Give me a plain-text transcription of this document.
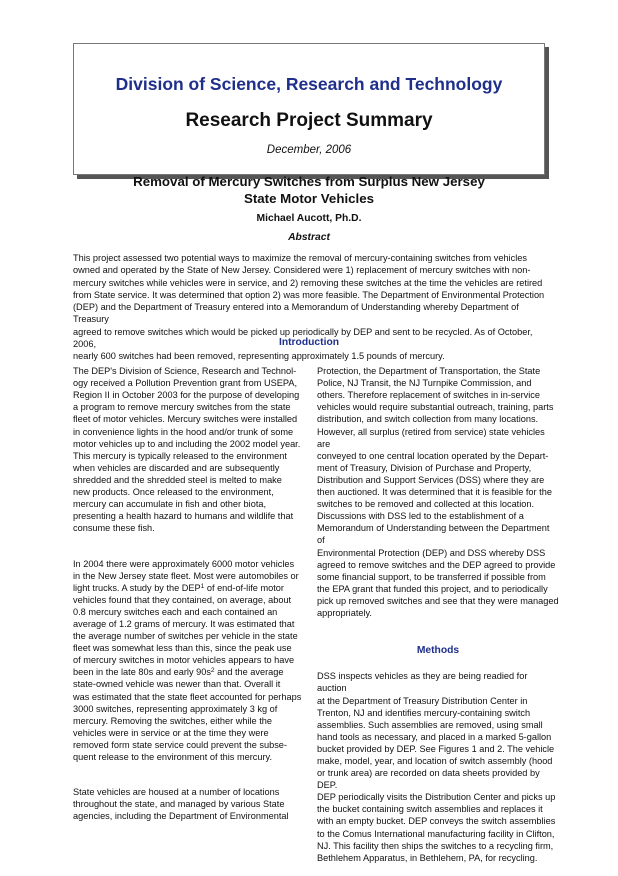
Division of Science, Research and Technology
Research Project Summary
December, 2006
Removal of Mercury Switches from Surplus New Jersey
State Motor Vehicles
Michael Aucott, Ph.D.
Abstract
This project assessed two potential ways to maximize the removal of mercury-containing switches from vehicles
owned and operated by the State of New Jersey. Considered were 1) replacement of mercury switches with non-
mercury switches while vehicles were in service, and 2) removing these switches at the time the vehicles are retired
from State service. It was determined that option 2) was more feasible. The Department of Environmental Protection
(DEP) and the Department of Treasury entered into a Memorandum of Understanding whereby Department of Treasury
agreed to remove switches which would be picked up periodically by DEP and sent to be recycled. As of October, 2006,
nearly 600 switches had been removed, representing approximately 1.5 pounds of mercury.
Introduction

The DEP's Division of Science, Research and Technol-
ogy received a Pollution Prevention grant from USEPA,
Region II in October 2003 for the purpose of developing
a program to remove mercury switches from the state
fleet of motor vehicles. Mercury switches were installed
in convenience lights in the hood and/or trunk of some
motor vehicles up to and including the 2002 model year.
This mercury is typically released to the environment
when vehicles are discarded and are subsequently
shredded and the shredded steel is melted to make
new products. Once released to the environment,
mercury can accumulate in fish and other biota,
presenting a health hazard to humans and wildlife that
consume these fish.

In 2004 there were approximately 6000 motor vehicles
in the New Jersey state fleet. Most were automobiles or
light trucks. A study by the DEP$^1$ of end-of-life motor
vehicles found that they contained, on average, about
0.8 mercury switches each and each contained an
average of 1.2 grams of mercury. It was estimated that
the average number of switches per vehicle in the state
fleet was somewhat less than this, since the peak use
of mercury switches in motor vehicles appears to have
been in the late 80s and early $90s^2$ and the average
state-owned vehicle was newer than that. Overall it
was estimated that the state fleet accounted for perhaps
3000 switches, representing approximately 3 kg of
mercury. Removing the switches, either while the
vehicles were in service or at the time they were
removed form state service could prevent the subse-
quent release to the environment of this mercury.

State vehicles are housed at a number of locations
throughout the state, and managed by various State
agencies, including the Department of Environmental

Protection, the Department of Transportation, the State
Police, NJ Transit, the NJ Turnpike Commission, and
others. Therefore replacement of switches in in-service
vehicles would require substantial outreach, training, parts
distribution, and switch collection from many locations.
However, all surplus (retired from service) state vehicles are
conveyed to one central location operated by the Depart-
ment of Treasury, Division of Purchase and Property,
Distribution and Support Services (DSS) where they are
then auctioned. It was determined that it is feasible for the
switches to be removed and collected at this location.
Discussions with DSS led to the establishment of a
Memorandum of Understanding between the Department of
Environmental Protection (DEP) and DSS whereby DSS
agreed to remove switches and the DEP agreed to provide
some financial support, to be transferred if possible from
the EPA grant that funded this project, and to periodically
pick up removed switches and see that they were managed
appropriately.

Methods

DSS inspects vehicles as they are being readied for auction
at the Department of Treasury Distribution Center in
Trenton, NJ and identifies mercury-containing switch
assemblies. Such assemblies are removed, using small
hand tools as necessary, and placed in a marked 5-gallon
bucket provided by DEP. See Figures 1 and 2. The vehicle
make, model, year, and location of switch assembly (hood
or trunk area) are recorded on data sheets provided by DEP.
DEP periodically visits the Distribution Center and picks up
the bucket containing switch assemblies and replaces it
with an empty bucket. DEP conveys the switch assemblies
to the Comus International manufacturing facility in Clifton,
NJ. This facility then ships the switches to a recycling firm,
Bethlehem Apparatus, in Bethlehem, PA, for recycling.
